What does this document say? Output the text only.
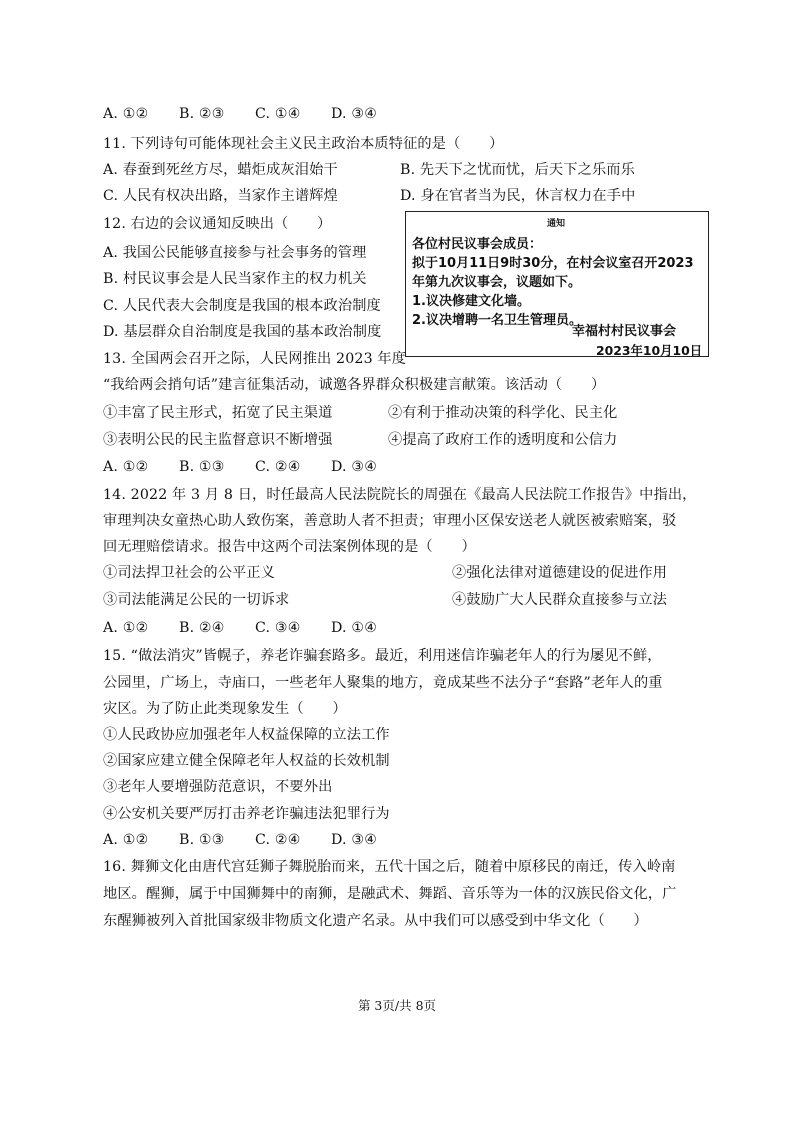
A. ①② B. ②③ C. ①④ D. ③④
11. 下列诗句可能体现社会主义民主政治本质特征的是（　　）
A. 春蚕到死丝方尽，蜡炬成灰泪始干	B. 先天下之忧而忧，后天下之乐而乐
C. 人民有权决出路，当家作主谱辉煌	D. 身在官者当为民，休言权力在手中
12. 右边的会议通知反映出（　　）
A. 我国公民能够直接参与社会事务的管理
B. 村民议事会是人民当家作主的权力机关
C. 人民代表大会制度是我国的根本政治制度
D. 基层群众自治制度是我国的基本政治制度
通知
各位村民议事会成员：
拟于10月11日9时30分，在村会议室召开2023
年第九次议事会，议题如下。
1.议决修建文化墙。
2.议决增聘一名卫生管理员。
幸福村村民议事会
2023年10月10日
13. 全国两会召开之际，人民网推出 2023 年度
“我给两会捎句话”建言征集活动，诚邀各界群众积极建言献策。该活动（　　）
①丰富了民主形式，拓宽了民主渠道	②有利于推动决策的科学化、民主化
③表明公民的民主监督意识不断增强	④提高了政府工作的透明度和公信力
A. ①② B. ①③ C. ②④ D. ③④
14. 2022 年 3 月 8 日，时任最高人民法院院长的周强在《最高人民法院工作报告》中指出，
审理判决女童热心助人致伤案，善意助人者不担责；审理小区保安送老人就医被索赔案，驳
回无理赔偿请求。报告中这两个司法案例体现的是（　　）
①司法捍卫社会的公平正义	②强化法律对道德建设的促进作用
③司法能满足公民的一切诉求	④鼓励广大人民群众直接参与立法
A. ①② B. ②④ C. ③④ D. ①④
15. “做法消灾”皆幌子，养老诈骗套路多。最近，利用迷信诈骗老年人的行为屡见不鲜，
公园里，广场上，寺庙口，一些老年人聚集的地方，竟成某些不法分子“套路”老年人的重
灾区。为了防止此类现象发生（　　）
①人民政协应加强老年人权益保障的立法工作
②国家应建立健全保障老年人权益的长效机制
③老年人要增强防范意识，不要外出
④公安机关要严厉打击养老诈骗违法犯罪行为
A. ①② B. ①③ C. ②④ D. ③④
16. 舞狮文化由唐代宫廷狮子舞脱胎而来，五代十国之后，随着中原移民的南迁，传入岭南
地区。醒狮，属于中国狮舞中的南狮，是融武术、舞蹈、音乐等为一体的汉族民俗文化，广
东醒狮被列入首批国家级非物质文化遗产名录。从中我们可以感受到中华文化（　　）
第 3页/共 8页
